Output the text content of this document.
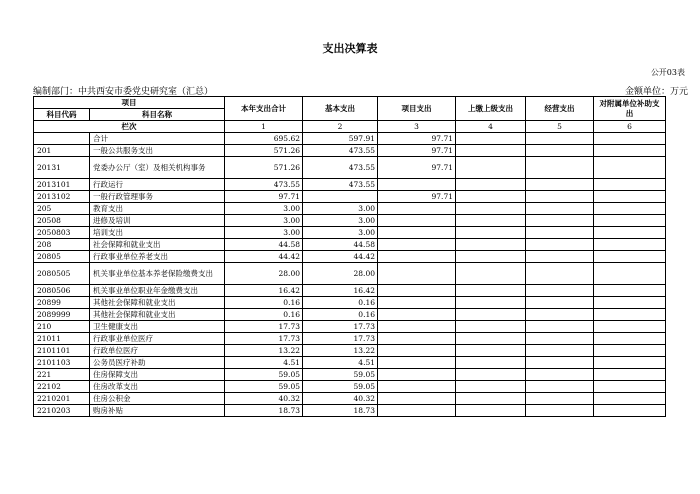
支出决算表
公开03表
编制部门：中共西安市委党史研究室（汇总）	金额单位：万元
项目		本年支出合计	基本支出	项目支出	上缴上级支出	经营支出	对附属单位补助支出
科目代码	科目名称						
栏次		1	2	3	4	5	6
	合计	695.62	597.91	97.71			
201	一般公共服务支出	571.26	473.55	97.71			
20131	党委办公厅（室）及相关机构事务	571.26	473.55	97.71			
2013101	行政运行	473.55	473.55				
2013102	一般行政管理事务	97.71		97.71			
205	教育支出	3.00	3.00				
20508	进修及培训	3.00	3.00				
2050803	培训支出	3.00	3.00				
208	社会保障和就业支出	44.58	44.58				
20805	行政事业单位养老支出	44.42	44.42				
2080505	机关事业单位基本养老保险缴费支出	28.00	28.00				
2080506	机关事业单位职业年金缴费支出	16.42	16.42				
20899	其他社会保障和就业支出	0.16	0.16				
2089999	其他社会保障和就业支出	0.16	0.16				
210	卫生健康支出	17.73	17.73				
21011	行政事业单位医疗	17.73	17.73				
2101101	行政单位医疗	13.22	13.22				
2101103	公务员医疗补助	4.51	4.51				
221	住房保障支出	59.05	59.05				
22102	住房改革支出	59.05	59.05				
2210201	住房公积金	40.32	40.32				
2210203	购房补贴	18.73	18.73				
